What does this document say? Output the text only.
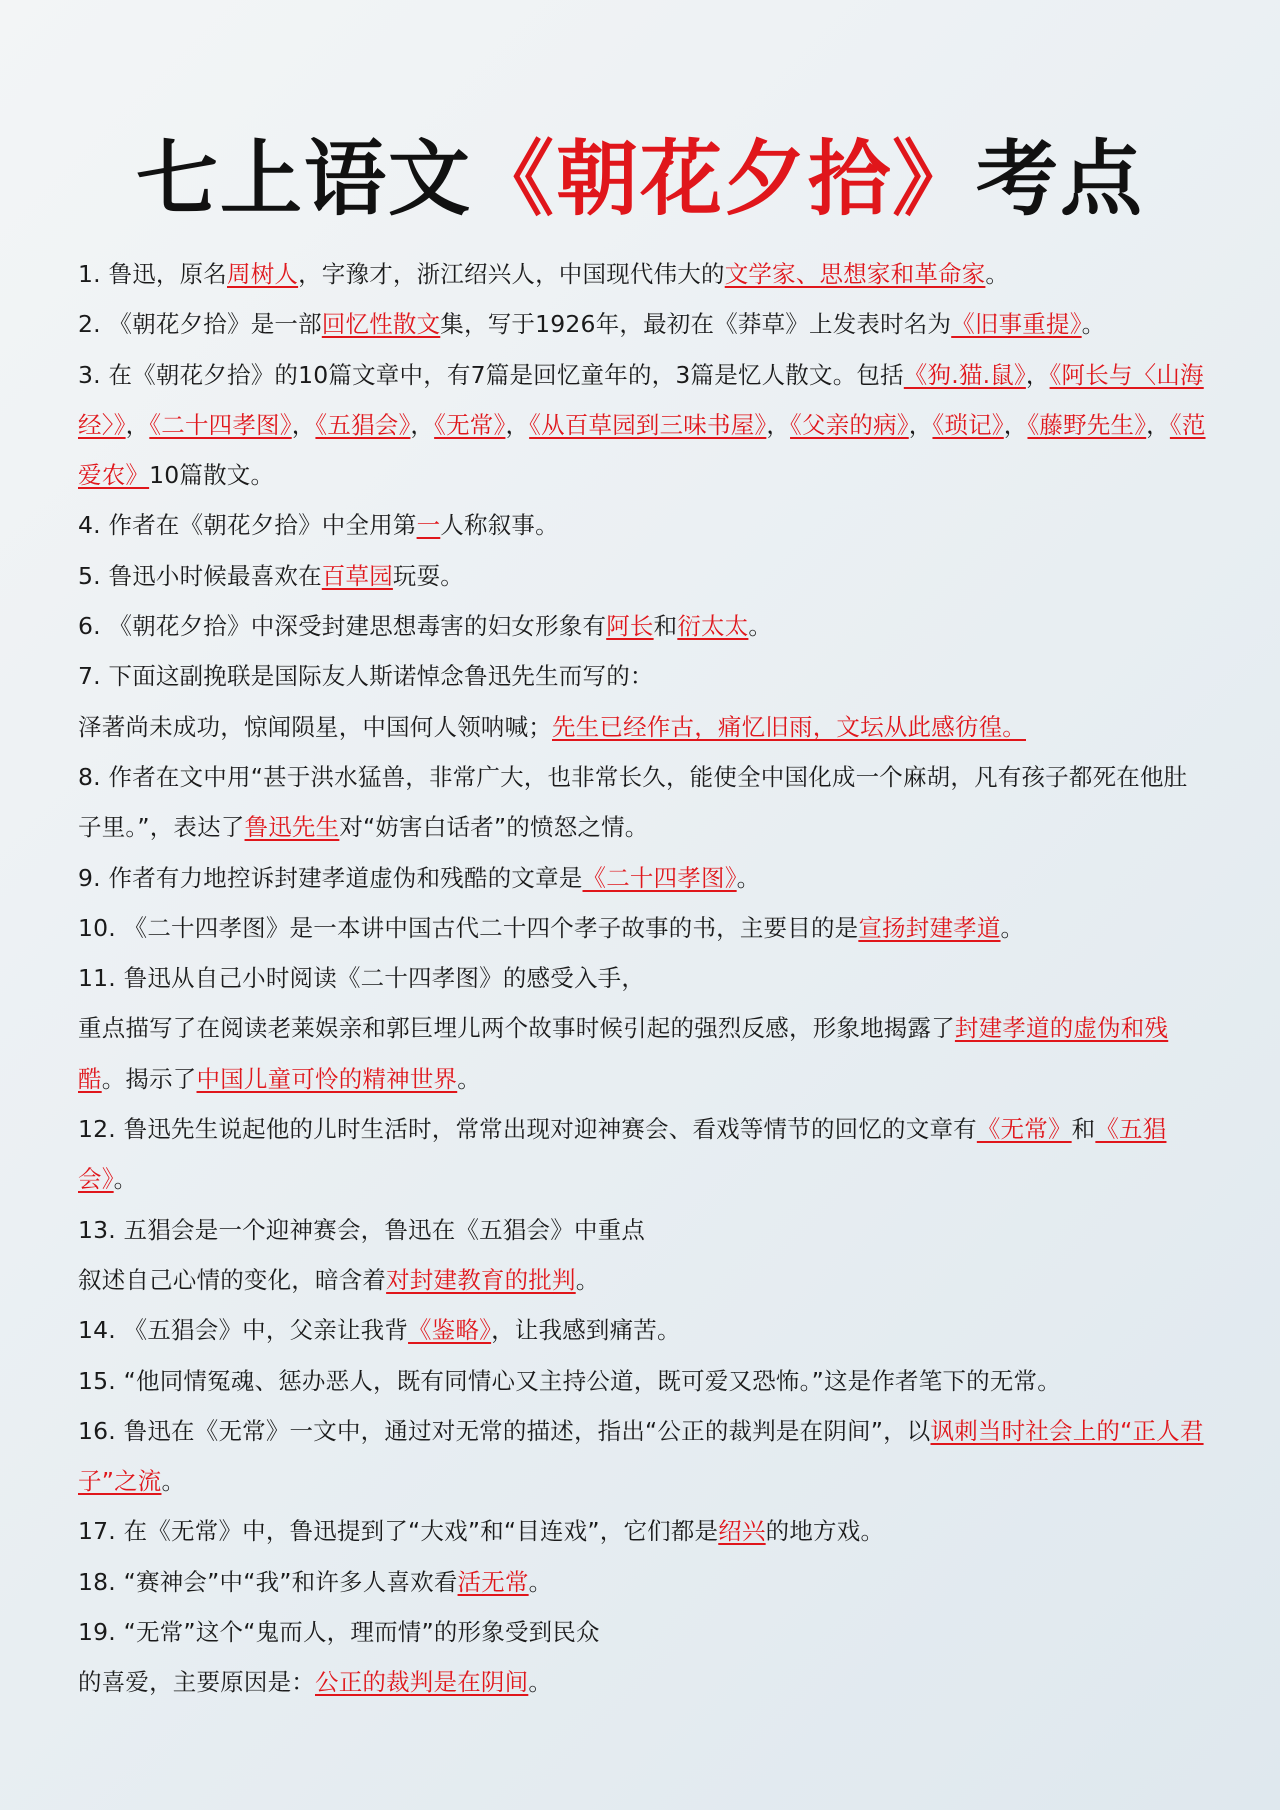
七上语文《朝花夕拾》考点

1. 鲁迅，原名周树人，字豫才，浙江绍兴人，中国现代伟大的文学家、思想家和革命家。

2. 《朝花夕拾》是一部回忆性散文集，写于1926年，最初在《莽草》上发表时名为《旧事重提》。

3. 在《朝花夕拾》的10篇文章中，有7篇是回忆童年的，3篇是忆人散文。包括《狗.猫.鼠》，《阿长与〈山海经〉》，《二十四孝图》，《五猖会》，《无常》，《从百草园到三味书屋》，《父亲的病》，《琐记》，《藤野先生》，《范爱农》10篇散文。

4. 作者在《朝花夕拾》中全用第一人称叙事。

5. 鲁迅小时候最喜欢在百草园玩耍。

6. 《朝花夕拾》中深受封建思想毒害的妇女形象有阿长和衍太太。

7. 下面这副挽联是国际友人斯诺悼念鲁迅先生而写的：

泽著尚未成功，惊闻陨星，中国何人领呐喊；先生已经作古，痛忆旧雨，文坛从此感彷徨。

8. 作者在文中用“甚于洪水猛兽，非常广大，也非常长久，能使全中国化成一个麻胡，凡有孩子都死在他肚子里。”，表达了鲁迅先生对“妨害白话者”的愤怒之情。

9. 作者有力地控诉封建孝道虚伪和残酷的文章是《二十四孝图》。

10. 《二十四孝图》是一本讲中国古代二十四个孝子故事的书，主要目的是宣扬封建孝道。

11. 鲁迅从自己小时阅读《二十四孝图》的感受入手，

重点描写了在阅读老莱娱亲和郭巨埋儿两个故事时候引起的强烈反感，形象地揭露了封建孝道的虚伪和残酷。揭示了中国儿童可怜的精神世界。

12. 鲁迅先生说起他的儿时生活时，常常出现对迎神赛会、看戏等情节的回忆的文章有《无常》和《五猖会》。

13. 五猖会是一个迎神赛会，鲁迅在《五猖会》中重点

叙述自己心情的变化，暗含着对封建教育的批判。

14. 《五猖会》中，父亲让我背《鉴略》，让我感到痛苦。

15. “他同情冤魂、惩办恶人，既有同情心又主持公道，既可爱又恐怖。”这是作者笔下的无常。

16. 鲁迅在《无常》一文中，通过对无常的描述，指出“公正的裁判是在阴间”，以讽刺当时社会上的“正人君子”之流。

17. 在《无常》中，鲁迅提到了“大戏”和“目连戏”，它们都是绍兴的地方戏。

18. “赛神会”中“我”和许多人喜欢看活无常。

19. “无常”这个“鬼而人，理而情”的形象受到民众

的喜爱，主要原因是：公正的裁判是在阴间。
